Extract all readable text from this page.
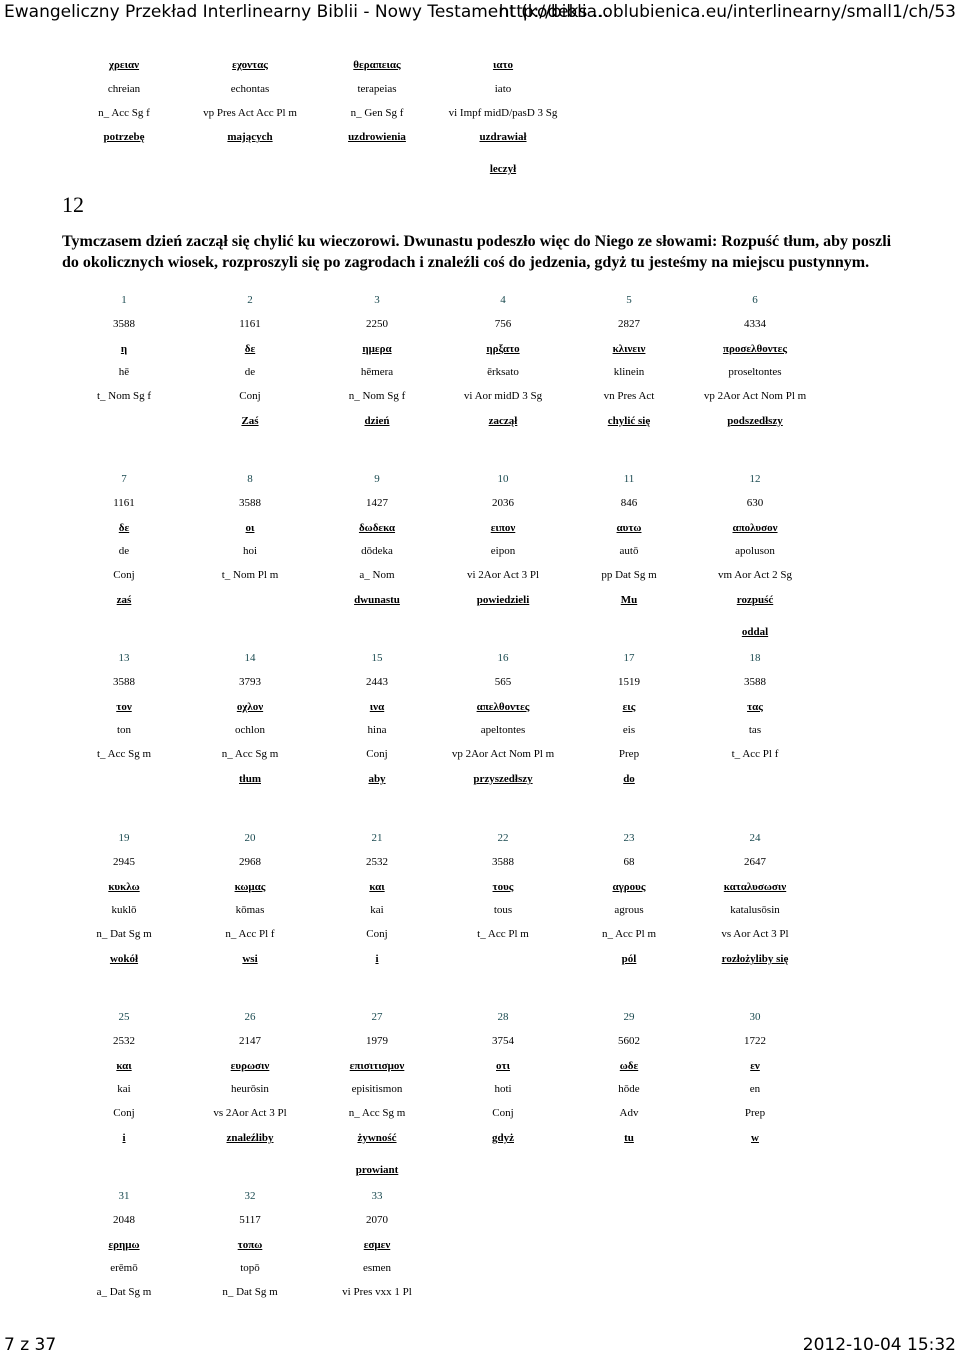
Ewangeliczny Przekład Interlinearny Biblii - Nowy Testament (kodeks ...
http://biblia.oblubienica.eu/interlinearny/small1/ch/53
χρειαν
chreian
n_ Acc Sg f
potrzebę
εχοντας
echontas
vp Pres Act Acc Pl m
mających
θεραπειας
terapeias
n_ Gen Sg f
uzdrowienia
ιατο
iato
vi Impf midD/pasD 3 Sg
uzdrawiał
leczył
12
Tymczasem dzień zaczął się chylić ku wieczorowi. Dwunastu podeszło więc do Niego ze słowami: Rozpuść tłum, aby poszli do okolicznych wiosek, rozproszyli się po zagrodach i znaleźli coś do jedzenia, gdyż tu jesteśmy na miejscu pustynnym.
1
3588
η
hē
t_ Nom Sg f
2
1161
δε
de
Conj
Zaś
3
2250
ημερα
hēmera
n_ Nom Sg f
dzień
4
756
ηρξατο
ērksato
vi Aor midD 3 Sg
zaczął
5
2827
κλινειν
klinein
vn Pres Act
chylić się
6
4334
προσελθοντες
proseltontes
vp 2Aor Act Nom Pl m
podszedłszy
7
1161
δε
de
Conj
zaś
8
3588
οι
hoi
t_ Nom Pl m
9
1427
δωδεκα
dōdeka
a_ Nom
dwunastu
10
2036
ειπον
eipon
vi 2Aor Act 3 Pl
powiedzieli
11
846
αυτω
autō
pp Dat Sg m
Mu
12
630
απολυσον
apoluson
vm Aor Act 2 Sg
rozpuść
oddal
13
3588
τον
ton
t_ Acc Sg m
14
3793
οχλον
ochlon
n_ Acc Sg m
tłum
15
2443
ινα
hina
Conj
aby
16
565
απελθοντες
apeltontes
vp 2Aor Act Nom Pl m
przyszedłszy
17
1519
εις
eis
Prep
do
18
3588
τας
tas
t_ Acc Pl f
19
2945
κυκλω
kuklō
n_ Dat Sg m
wokół
20
2968
κωμας
kōmas
n_ Acc Pl f
wsi
21
2532
και
kai
Conj
i
22
3588
τους
tous
t_ Acc Pl m
23
68
αγρους
agrous
n_ Acc Pl m
pól
24
2647
καταλυσωσιν
katalusōsin
vs Aor Act 3 Pl
rozłożyliby się
25
2532
και
kai
Conj
i
26
2147
ευρωσιν
heurōsin
vs 2Aor Act 3 Pl
znaleźliby
27
1979
επισιτισμον
episitismon
n_ Acc Sg m
żywność
prowiant
28
3754
οτι
hoti
Conj
gdyż
29
5602
ωδε
hōde
Adv
tu
30
1722
εν
en
Prep
w
31
2048
ερημω
erēmō
a_ Dat Sg m
32
5117
τοπω
topō
n_ Dat Sg m
33
2070
εσμεν
esmen
vi Pres vxx 1 Pl
7 z 37	2012-10-04 15:32
